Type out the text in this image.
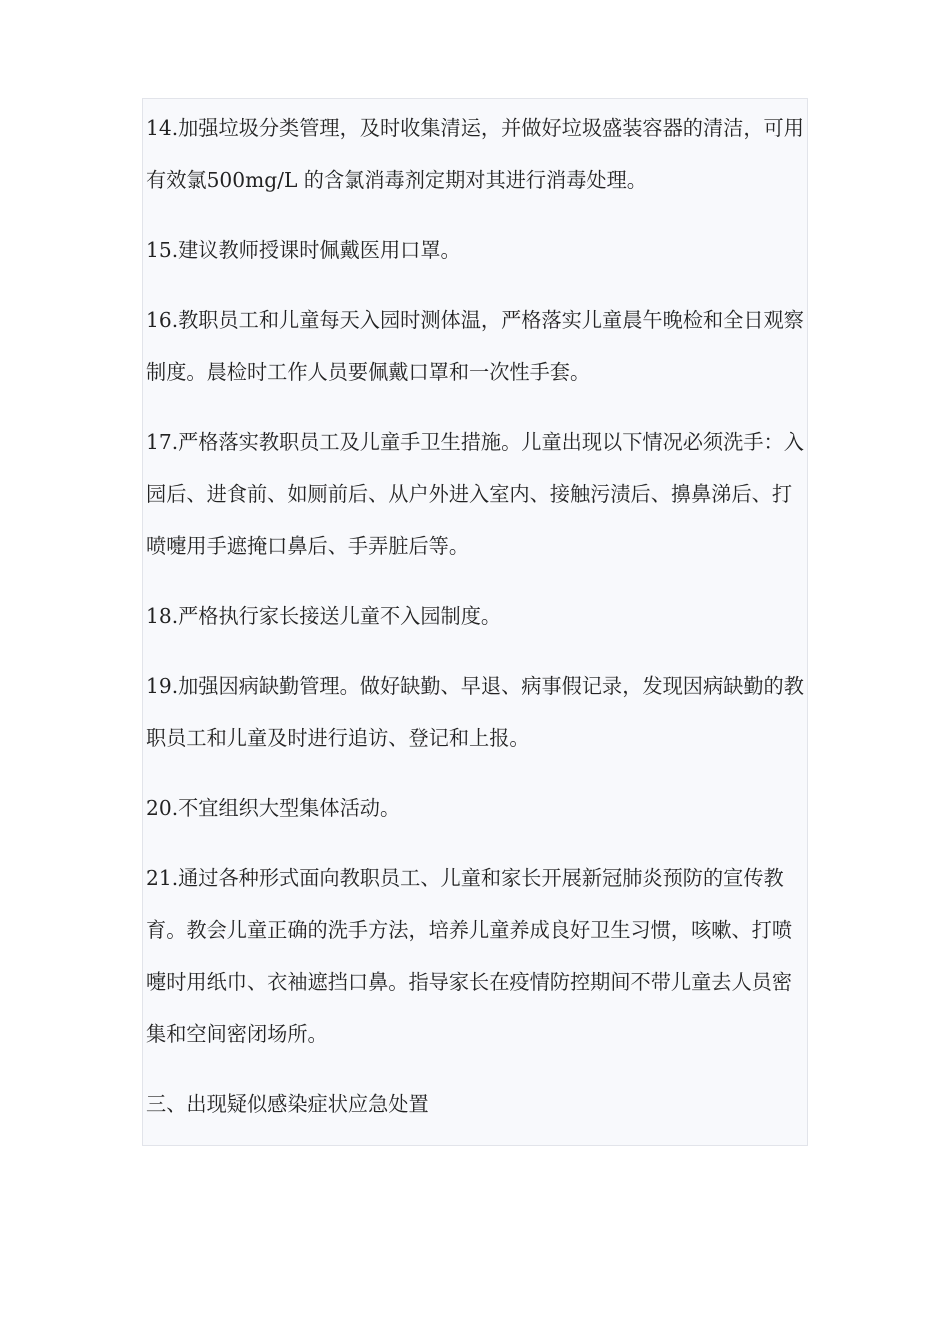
14.加强垃圾分类管理，及时收集清运，并做好垃圾盛装容器的清洁，可用有效氯500mg/L 的含氯消毒剂定期对其进行消毒处理。

15.建议教师授课时佩戴医用口罩。

16.教职员工和儿童每天入园时测体温，严格落实儿童晨午晚检和全日观察制度。晨检时工作人员要佩戴口罩和一次性手套。

17.严格落实教职员工及儿童手卫生措施。儿童出现以下情况必须洗手：入园后、进食前、如厕前后、从户外进入室内、接触污渍后、擤鼻涕后、打喷嚏用手遮掩口鼻后、手弄脏后等。

18.严格执行家长接送儿童不入园制度。

19.加强因病缺勤管理。做好缺勤、早退、病事假记录，发现因病缺勤的教职员工和儿童及时进行追访、登记和上报。

20.不宜组织大型集体活动。

21.通过各种形式面向教职员工、儿童和家长开展新冠肺炎预防的宣传教育。教会儿童正确的洗手方法，培养儿童养成良好卫生习惯，咳嗽、打喷嚏时用纸巾、衣袖遮挡口鼻。指导家长在疫情防控期间不带儿童去人员密集和空间密闭场所。

三、出现疑似感染症状应急处置
